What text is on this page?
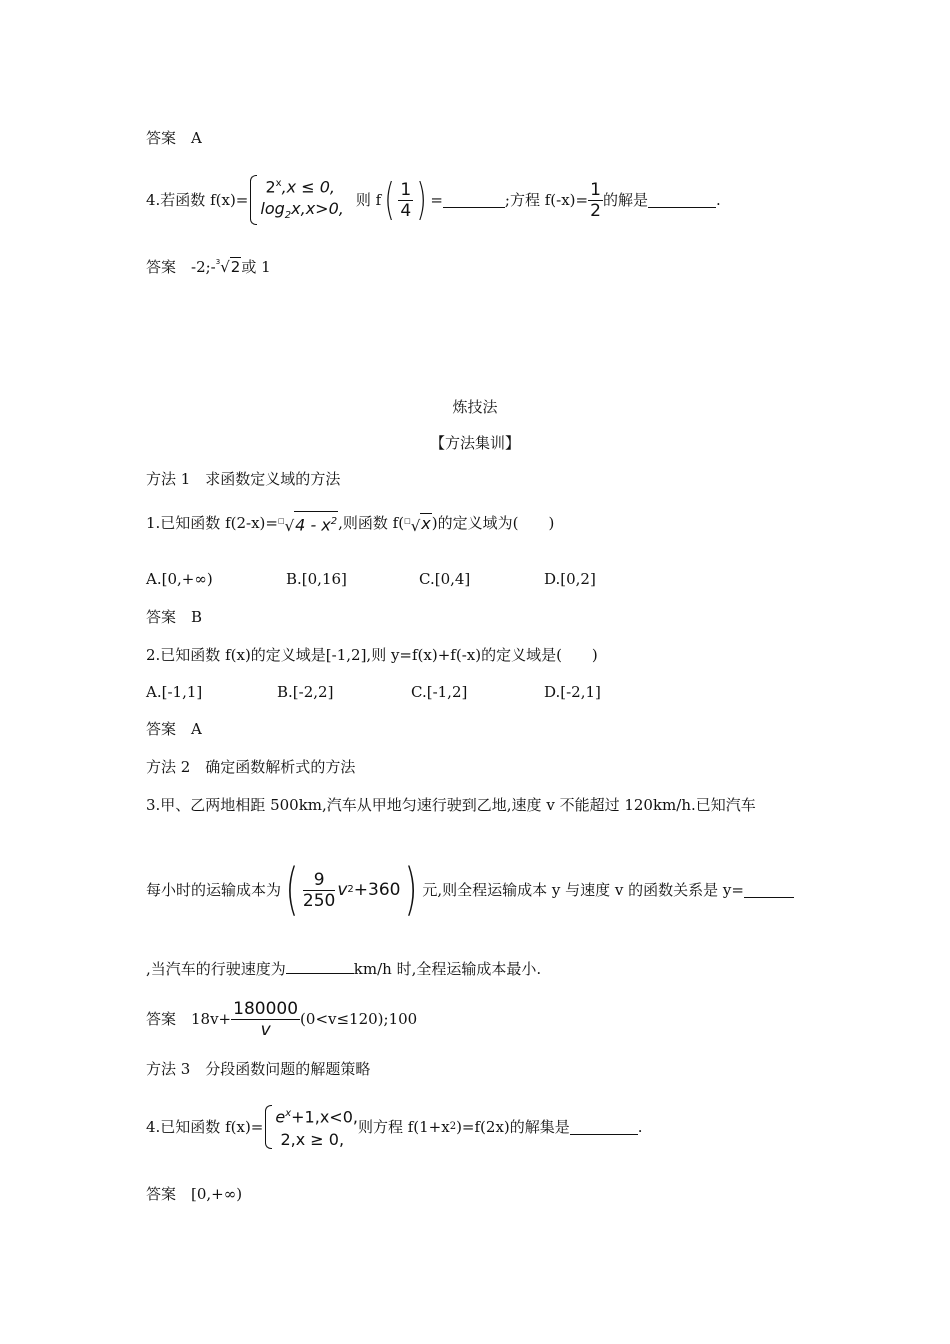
答案　A
4.若函数 f(x)=
$2^x,x \le 0$,
$\log_2x,x>0$, 则 f ( $\frac{1}{4}$ ) =	;方程 $f(-x)= \frac{1}{2}$ 的解是	.
答案　-2;-$^3$√2或 1
炼技法
【方法集训】
方法 1　求函数定义域的方法
1.已知函数 f(2-x)= □√ $4 - x^2$ ,则函数 f( □√ x )的定义域为(　　)
A.[0,+∞)	B.[0,16]	C.[0,4]	D.[0,2]
答案　B
2.已知函数 f(x)的定义域是[-1,2],则 y=f(x)+f(-x)的定义域是(　　)
A.[-1,1]	B.[-2,2]	C.[-1,2]	D.[-2,1]
答案　A
方法 2　确定函数解析式的方法
3.甲、乙两地相距 500km,汽车从甲地匀速行驶到乙地,速度 v 不能超过 120km/h.已知汽车
每小时的运输成本为 ( $\frac{9}{250}$ v 2 +360 ) 元,则全程运输成本 y 与速度 v 的函数关系是 y=
,当汽车的行驶速度为	km/h 时,全程运输成本最小.
答案　$18v+ \frac{180000}{v}$ (0<v≤120);100
方法 3　分段函数问题的解题策略
4.已知函数 f(x)=
$e^x+1,x<0$,
2,x ≥ 0,
则方程 f(1+x 2 )=f(2x)的解集是	.
答案　[0,+∞)
